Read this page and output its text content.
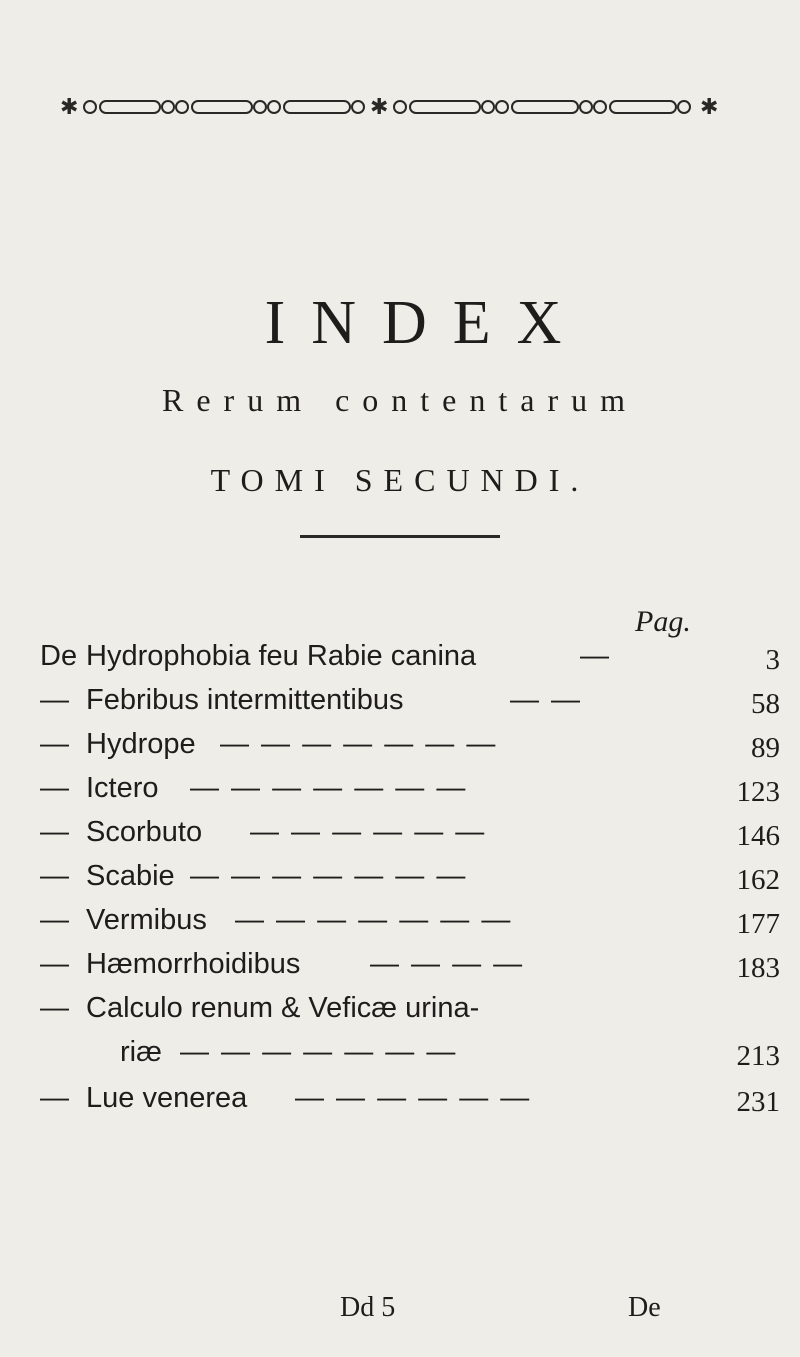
✱	✱	✱
INDEX
Rerum contentarum
TOMI SECUNDI.
Pag.
De Hydrophobia feu Rabie canina	—	3
— Febribus intermittentibus	— —	58
— Hydrope — — — — — — —	89
— Ictero — — — — — — —	123
— Scorbuto — — — — — —	146
— Scabie — — — — — — —	162
— Vermibus — — — — — — —	177
— Hæmorrhoidibus — — — —	183
— Calculo renum & Veficæ urina-
riæ — — — — — — —	213
— Lue venerea — — — — — —	231
Dd 5	De
